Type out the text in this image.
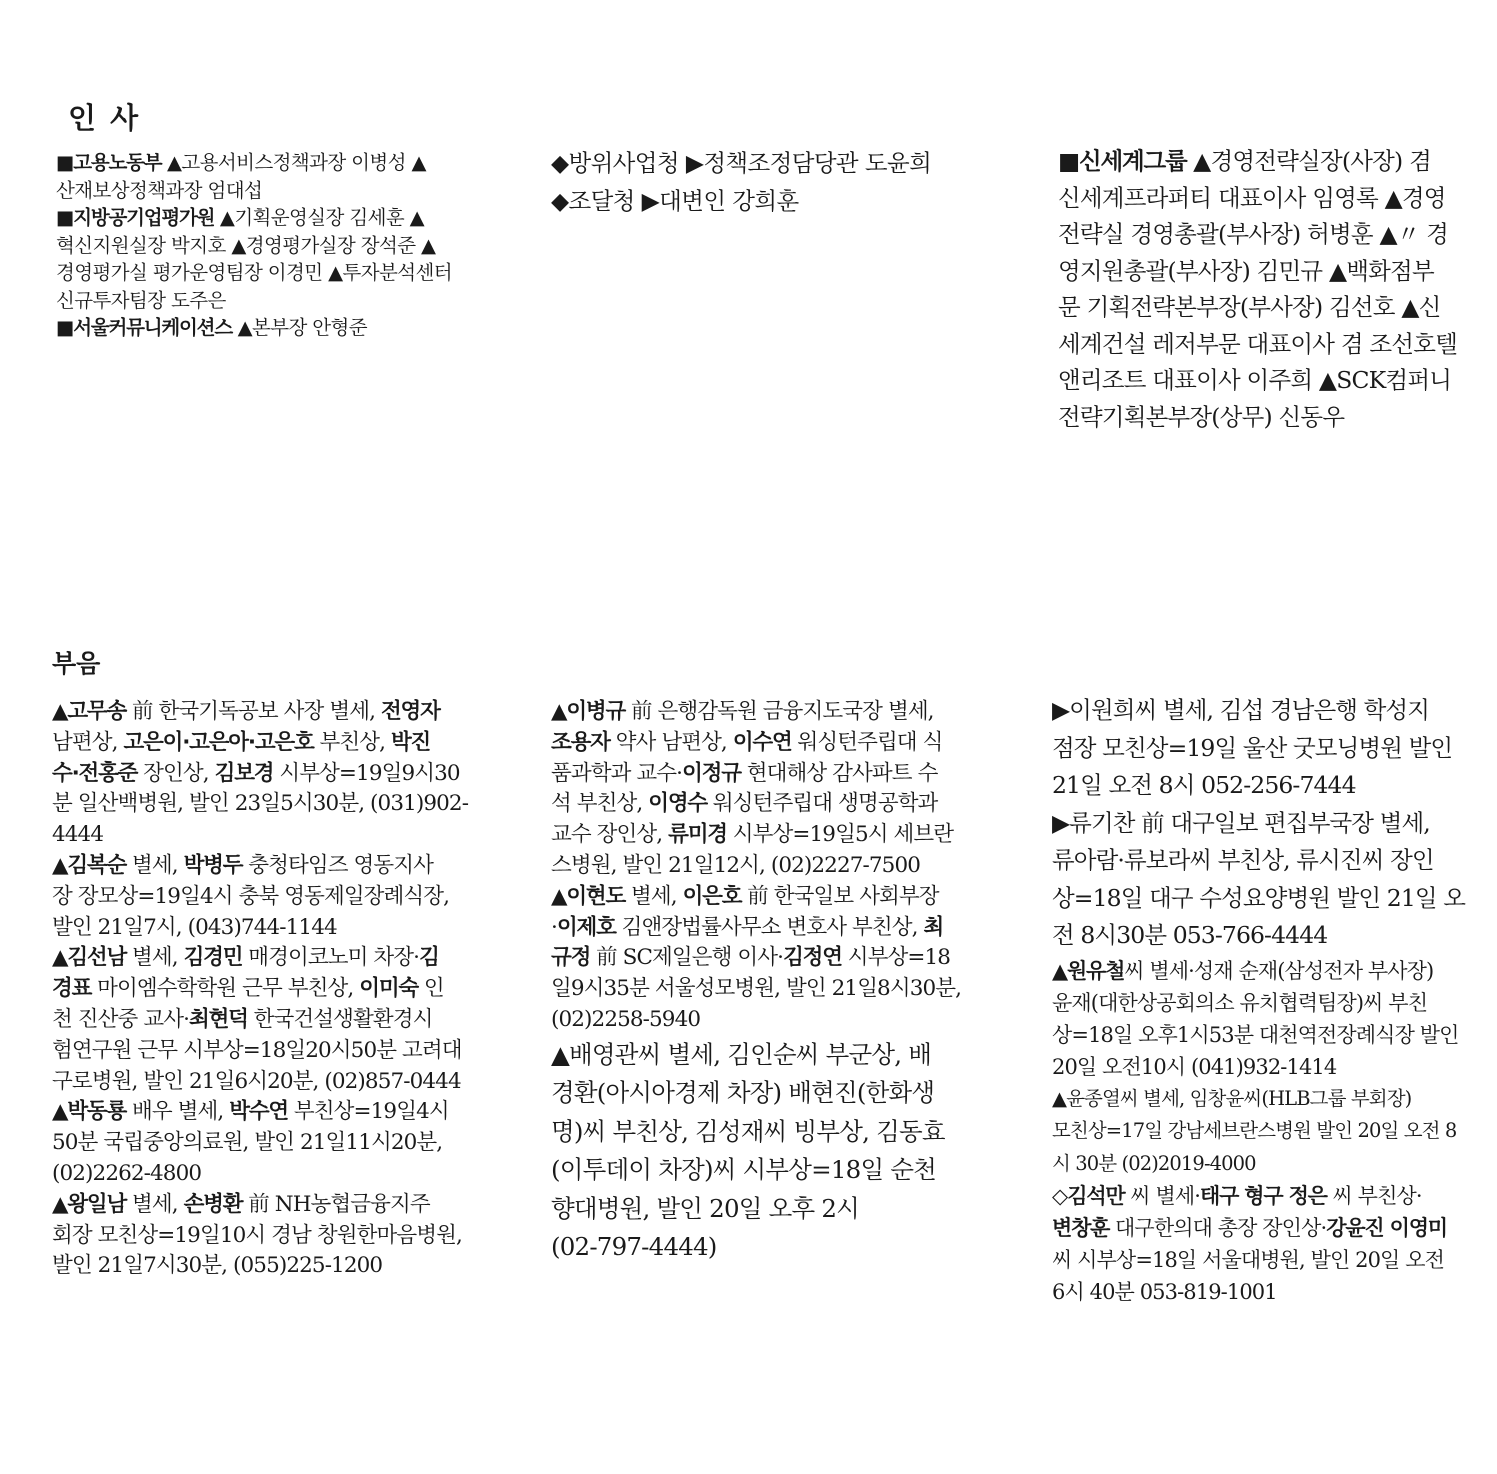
인 사

■고용노동부 ▲고용서비스정책과장 이병성 ▲산재보상정책과장 엄대섭

■지방공기업평가원 ▲기획운영실장 김세훈 ▲혁신지원실장 박지호 ▲경영평가실장 장석준 ▲경영평가실 평가운영팀장 이경민 ▲투자분석센터 신규투자팀장 도주은

■서울커뮤니케이션스 ▲본부장 안형준

◆방위사업청 ▶정책조정담당관 도윤희

◆조달청 ▶대변인 강희훈

■신세계그룹 ▲경영전략실장(사장) 겸
신세계프라퍼티 대표이사 임영록 ▲경영
전략실 경영총괄(부사장) 허병훈 ▲〃 경
영지원총괄(부사장) 김민규 ▲백화점부
문 기획전략본부장(부사장) 김선호 ▲신
세계건설 레저부문 대표이사 겸 조선호텔
앤리조트 대표이사 이주희 ▲SCK컴퍼니
전략기획본부장(상무) 신동우

부음

▲고무송 前 한국기독공보 사장 별세, 전영자
남편상, 고은이·고은아·고은호 부친상, 박진
수·전홍준 장인상, 김보경 시부상=19일9시30
분 일산백병원, 발인 23일5시30분, (031)902-
4444

▲김복순 별세, 박병두 충청타임즈 영동지사
장 장모상=19일4시 충북 영동제일장례식장,
발인 21일7시, (043)744-1144

▲김선남 별세, 김경민 매경이코노미 차장·김
경표 마이엠수학학원 근무 부친상, 이미숙 인
천 진산중 교사·최현덕 한국건설생활환경시
험연구원 근무 시부상=18일20시50분 고려대
구로병원, 발인 21일6시20분, (02)857-0444

▲박동룡 배우 별세, 박수연 부친상=19일4시
50분 국립중앙의료원, 발인 21일11시20분,
(02)2262-4800

▲왕일남 별세, 손병환 前 NH농협금융지주
회장 모친상=19일10시 경남 창원한마음병원,
발인 21일7시30분, (055)225-1200

▲이병규 前 은행감독원 금융지도국장 별세,
조용자 약사 남편상, 이수연 워싱턴주립대 식
품과학과 교수·이정규 현대해상 감사파트 수
석 부친상, 이영수 워싱턴주립대 생명공학과
교수 장인상, 류미경 시부상=19일5시 세브란
스병원, 발인 21일12시, (02)2227-7500

▲이현도 별세, 이은호 前 한국일보 사회부장
·이제호 김앤장법률사무소 변호사 부친상, 최
규정 前 SC제일은행 이사·김정연 시부상=18
일9시35분 서울성모병원, 발인 21일8시30분,
(02)2258-5940

▲배영관씨 별세, 김인순씨 부군상, 배
경환(아시아경제 차장) 배현진(한화생
명)씨 부친상, 김성재씨 빙부상, 김동효
(이투데이 차장)씨 시부상=18일 순천
향대병원, 발인 20일 오후 2시
(02-797-4444)

▶이원희씨 별세, 김섭 경남은행 학성지
점장 모친상=19일 울산 굿모닝병원 발인
21일 오전 8시 052-256-7444

▶류기찬 前 대구일보 편집부국장 별세,
류아람·류보라씨 부친상, 류시진씨 장인
상=18일 대구 수성요양병원 발인 21일 오
전 8시30분 053-766-4444

▲원유철씨 별세·성재 순재(삼성전자 부사장)
윤재(대한상공회의소 유치협력팀장)씨 부친
상=18일 오후1시53분 대천역전장례식장 발인
20일 오전10시 (041)932-1414

▲윤종열씨 별세, 임창윤씨(HLB그룹 부회장)
모친상=17일 강남세브란스병원 발인 20일 오전 8
시 30분 (02)2019-4000

◇김석만 씨 별세·태구 형구 정은 씨 부친상·
변창훈 대구한의대 총장 장인상·강윤진 이영미
씨 시부상=18일 서울대병원, 발인 20일 오전
6시 40분 053-819-1001
